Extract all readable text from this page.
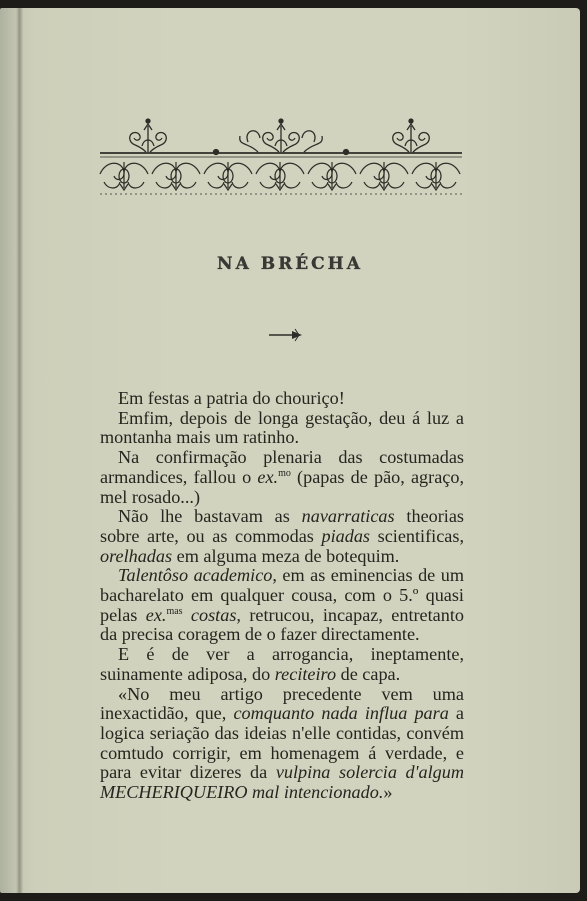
NA BRÉCHA

Em festas a patria do chouriço!

Emfim, depois de longa gestação, deu á luz a montanha mais um ratinho.

Na confirmação plenaria das costumadas armandices, fallou o ex.$^{mo}$ (papas de pão, agraço, mel rosado...)

Não lhe bastavam as navarraticas theorias sobre arte, ou as commodas piadas scientificas, orelhadas em alguma meza de botequim.

Talentôso academico, em as eminencias de um bacharelato em qualquer cousa, com o 5.º quasi pelas ex.$^{mas}$ costas, retrucou, incapaz, entretanto da precisa coragem de o fazer directamente.

E é de ver a arrogancia, ineptamente, suinamente adiposa, do reciteiro de capa.

«No meu artigo precedente vem uma inexactidão, que, comquanto nada influa para a logica seriação das ideias n'elle contidas, convém comtudo corrigir, em homenagem á verdade, e para evitar dizeres da vulpina solercia d'algum MECHERIQUEIRO mal intencionado.»
